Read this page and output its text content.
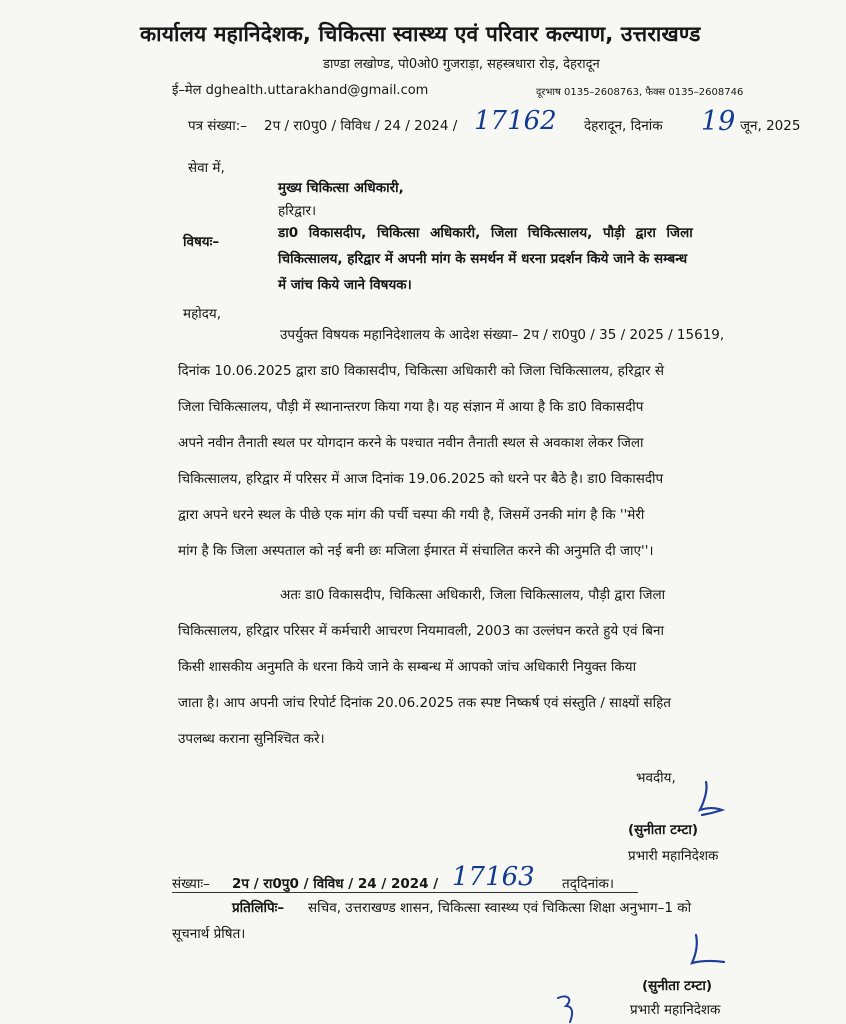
कार्यालय महानिदेशक, चिकित्सा स्वास्थ्य एवं परिवार कल्याण, उत्तराखण्ड
डाण्डा लखोण्ड, पो0ओ0 गुजराड़ा, सहस्त्रधारा रोड़, देहरादून
ई–मेल dghealth.uttarakhand@gmail.com	दूरभाष 0135–2608763, फैक्स 0135–2608746
पत्र संख्या:– 2प / रा0पु0 / विविध / 24 / 2024 / 17162 देहरादून, दिनांक 19 जून, 2025
सेवा में,
मुख्य चिकित्सा अधिकारी,
हरिद्वार।
विषयः–
डा0 विकासदीप, चिकित्सा अधिकारी, जिला चिकित्सालय, पौड़ी द्वारा जिला
चिकित्सालय, हरिद्वार में अपनी मांग के समर्थन में धरना प्रदर्शन किये जाने के सम्बन्ध
में जांच किये जाने विषयक।
महोदय,
उपर्युक्त विषयक महानिदेशालय के आदेश संख्या– 2प / रा0पु0 / 35 / 2025 / 15619,
दिनांक 10.06.2025 द्वारा डा0 विकासदीप, चिकित्सा अधिकारी को जिला चिकित्सालय, हरिद्वार से
जिला चिकित्सालय, पौड़ी में स्थानान्तरण किया गया है। यह संज्ञान में आया है कि डा0 विकासदीप
अपने नवीन तैनाती स्थल पर योगदान करने के पश्चात नवीन तैनाती स्थल से अवकाश लेकर जिला
चिकित्सालय, हरिद्वार में परिसर में आज दिनांक 19.06.2025 को धरने पर बैठे है। डा0 विकासदीप
द्वारा अपने धरने स्थल के पीछे एक मांग की पर्ची चस्पा की गयी है, जिसमें उनकी मांग है कि ''मेरी
मांग है कि जिला अस्पताल को नई बनी छः मजिला ईमारत में संचालित करने की अनुमति दी जाए''।
अतः डा0 विकासदीप, चिकित्सा अधिकारी, जिला चिकित्सालय, पौड़ी द्वारा जिला
चिकित्सालय, हरिद्वार परिसर में कर्मचारी आचरण नियमावली, 2003 का उल्लंघन करते हुये एवं बिना
किसी शासकीय अनुमति के धरना किये जाने के सम्बन्ध में आपको जांच अधिकारी नियुक्त किया
जाता है। आप अपनी जांच रिपोर्ट दिनांक 20.06.2025 तक स्पष्ट निष्कर्ष एवं संस्तुति / साक्ष्यों सहित
उपलब्ध कराना सुनिश्चित करे।
भवदीय,
(सुनीता टम्टा)
प्रभारी महानिदेशक
संख्याः– 2प / रा0पु0 / विविध / 24 / 2024 / 17163 तद्‌दिनांक।
प्रतिलिपिः– सचिव, उत्तराखण्ड शासन, चिकित्सा स्वास्थ्य एवं चिकित्सा शिक्षा अनुभाग–1 को
सूचनार्थ प्रेषित।
(सुनीता टम्टा)
प्रभारी महानिदेशक
